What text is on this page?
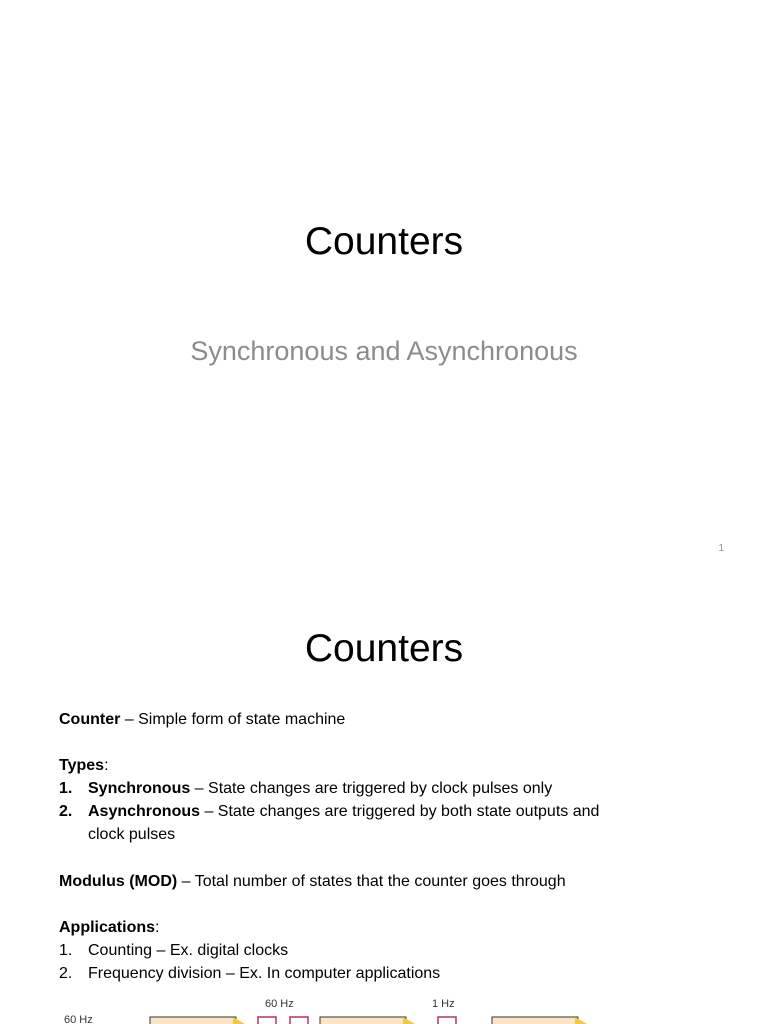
Counters
Synchronous and Asynchronous
1
Counters
Counter – Simple form of state machine
Types:
1. Synchronous – State changes are triggered by clock pulses only
2. Asynchronous – State changes are triggered by both state outputs and
clock pulses
Modulus (MOD) – Total number of states that the counter goes through
Applications:
1. Counting – Ex. digital clocks
2. Frequency division – Ex. In computer applications
60 Hz
60 Hz	1 Hz
